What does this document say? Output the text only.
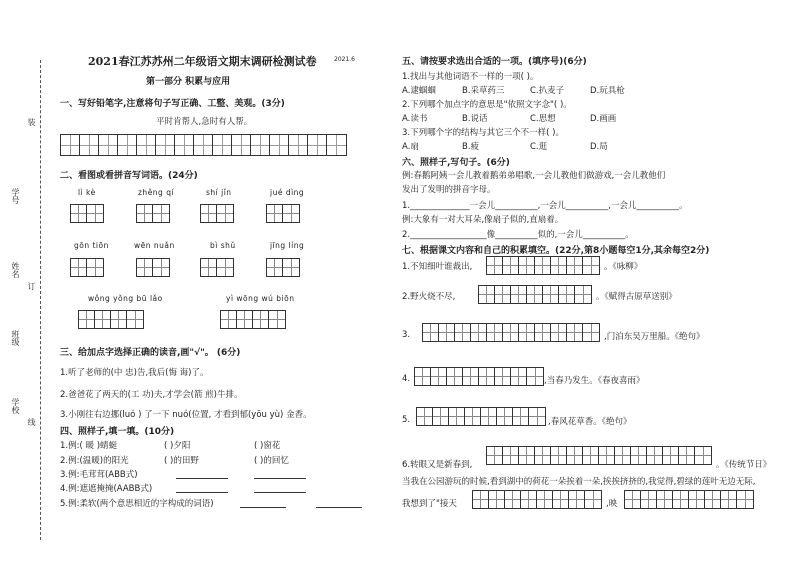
装
订
线
学号
姓名
班级
学校
2021春江苏苏州二年级语文期末调研检测试卷	2021.6
第一部分 积累与应用
一、写好铅笔字,注意将句子写正确、工整、美观。(3分)
平时肯帮人,急时有人帮。
二、看图或看拼音写词语。(24分)
lì kè	zhěng qí	shí jǐn	jué dìng
gōn tiōn	wēn nuǎn	bì shǔ	jīng líng
wǒng yǒng bū lǎo	yì wōng wú biōn
三、给加点字选择正确的读音,画"√"。 (6分)
1.听了老师的(中 忠)告,我后(悔 诲)了。
2.爸爸花了两天的(工 功)夫,才学会(箭 煎)牛排。
3.小刚往右边挪(luó ) 了一下 nuó(位置, 才看到郁(yōu yù) 金香。
四、照样子,填一填。(10分)
1.例:( 暖 )蜻蜓	( )夕阳	( )窗花
2.例:(温暖)的阳光	( )的田野	( )的回忆
3.例:毛茸茸(ABB式)
4.例:遮遮掩掩(AABB式)
5.例:柔软(两个意思相近的字构成的词语)
五、请按要求选出合适的一项。(填序号)(6分)
1.找出与其他词语不一样的一项( )。
A.逮蝈蝈	B.采草药三	C.扒麦子	D.玩具枪
2.下列哪个加点字的意思是"依照文字念"( )。
A.读书	B.说话	C.思想	D.画画
3.下列哪个字的结构与其它三个不一样( )。
A.扇	B.疲	C.逛	D.局
六、照样子,写句子。(6分)
例:春鹅阿姨一会儿教着鹅弟弟唱歌,一会儿教他们做游戏,一会儿教他们
发出了发明的拼音字母。
1.______________一会儿__________,一会儿__________,一会儿__________。
例:大象有一对大耳朵,像扇子似的,直扇着。
2.__________________像__________似的,一会儿__________。
七、根据课文内容和自己的积累填空。(22分,第8小题每空1分,其余每空2分)
1.不知细叶谁裁出,	。《咏柳》
2.野火烧不尽,	。《赋得古原草送别》
3.	,门泊东吴万里船。《绝句》
4.	,当春乃发生。《春夜喜雨》
5.	,春风花草香。《绝句》
6.转眼又是新春到,	。《传统节日》
当我在公园游玩的时候,看到湖中的荷花一朵挨着一朵,挨挨挤挤的,我觉得,碧绿的莲叶无边无际,
我想到了"接天	,映
